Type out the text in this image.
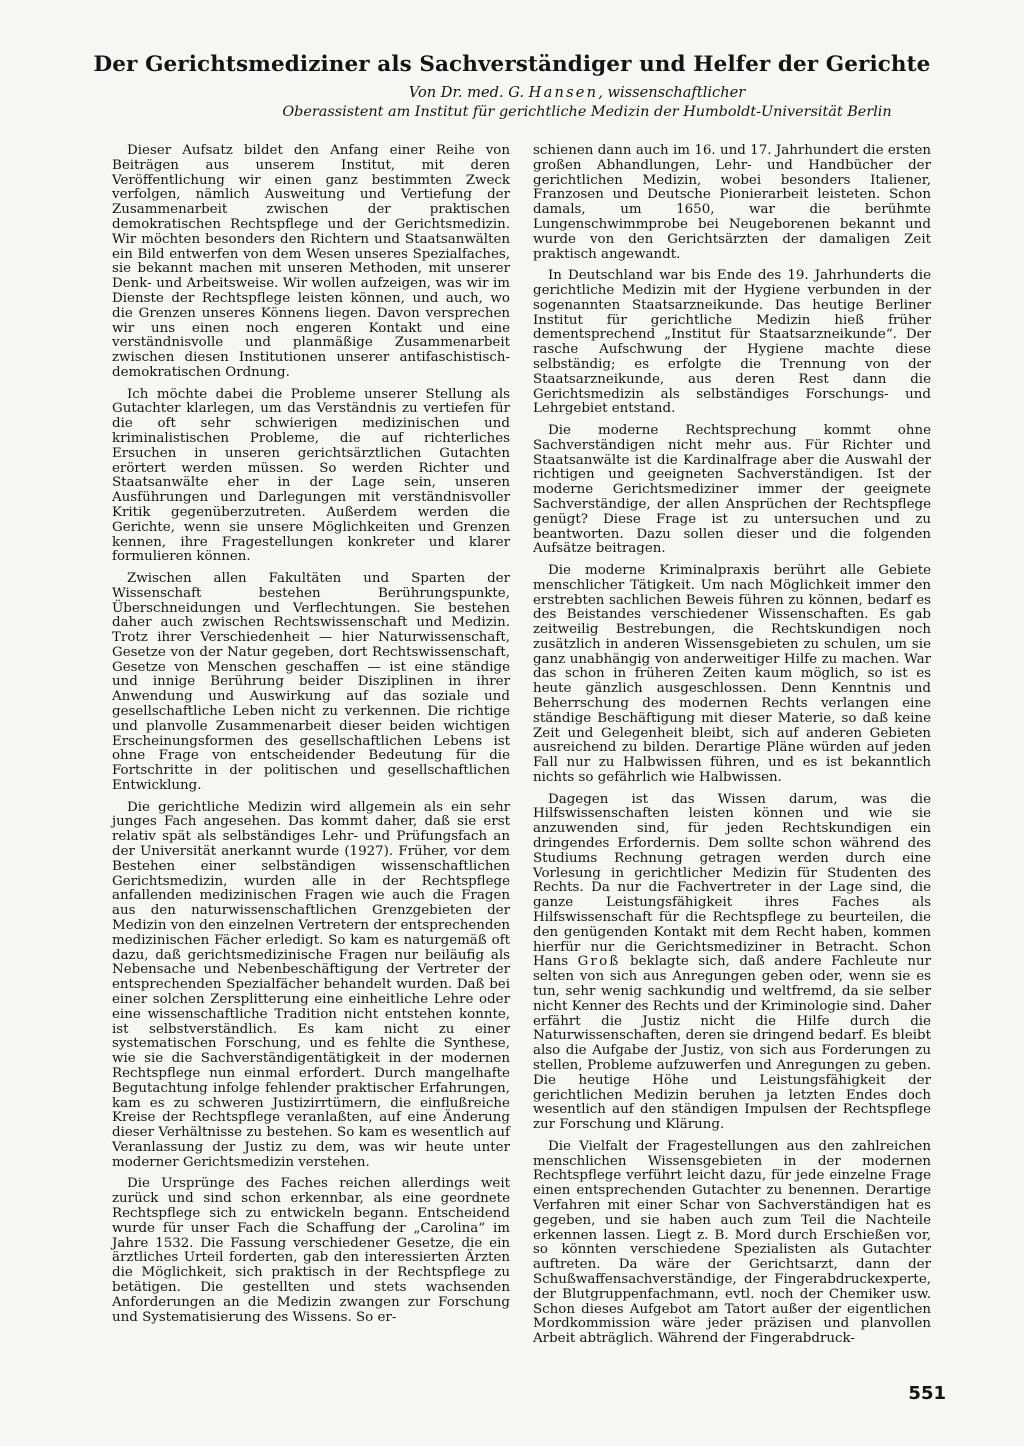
Der Gerichtsmediziner als Sachverständiger und Helfer der Gerichte
Von Dr. med. G. Hansen, wissenschaftlicher
Oberassistent am Institut für gerichtliche Medizin der Humboldt-Universität Berlin

Dieser Aufsatz bildet den Anfang einer Reihe von Beiträgen aus unserem Institut, mit deren Veröffentlichung wir einen ganz bestimmten Zweck verfolgen, nämlich Ausweitung und Vertiefung der Zusammenarbeit zwischen der praktischen demokratischen Rechtspflege und der Gerichtsmedizin. Wir möchten besonders den Richtern und Staatsanwälten ein Bild entwerfen von dem Wesen unseres Spezialfaches, sie bekannt machen mit unseren Methoden, mit unserer Denk- und Arbeitsweise. Wir wollen aufzeigen, was wir im Dienste der Rechtspflege leisten können, und auch, wo die Grenzen unseres Könnens liegen. Davon versprechen wir uns einen noch engeren Kontakt und eine verständnisvolle und planmäßige Zusammenarbeit zwischen diesen Institutionen unserer antifaschistisch-demokratischen Ordnung.

Ich möchte dabei die Probleme unserer Stellung als Gutachter klarlegen, um das Verständnis zu vertiefen für die oft sehr schwierigen medizinischen und kriminalistischen Probleme, die auf richterliches Ersuchen in unseren gerichtsärztlichen Gutachten erörtert werden müssen. So werden Richter und Staatsanwälte eher in der Lage sein, unseren Ausführungen und Darlegungen mit verständnisvoller Kritik gegenüberzutreten. Außerdem werden die Gerichte, wenn sie unsere Möglichkeiten und Grenzen kennen, ihre Fragestellungen konkreter und klarer formulieren können.

Zwischen allen Fakultäten und Sparten der Wissenschaft bestehen Berührungspunkte, Überschneidungen und Verflechtungen. Sie bestehen daher auch zwischen Rechtswissenschaft und Medizin. Trotz ihrer Verschiedenheit — hier Naturwissenschaft, Gesetze von der Natur gegeben, dort Rechtswissenschaft, Gesetze von Menschen geschaffen — ist eine ständige und innige Berührung beider Disziplinen in ihrer Anwendung und Auswirkung auf das soziale und gesellschaftliche Leben nicht zu verkennen. Die richtige und planvolle Zusammenarbeit dieser beiden wichtigen Erscheinungsformen des gesellschaftlichen Lebens ist ohne Frage von entscheidender Bedeutung für die Fortschritte in der politischen und gesellschaftlichen Entwicklung.

Die gerichtliche Medizin wird allgemein als ein sehr junges Fach angesehen. Das kommt daher, daß sie erst relativ spät als selbständiges Lehr- und Prüfungsfach an der Universität anerkannt wurde (1927). Früher, vor dem Bestehen einer selbständigen wissenschaftlichen Gerichtsmedizin, wurden alle in der Rechtspflege anfallenden medizinischen Fragen wie auch die Fragen aus den naturwissenschaftlichen Grenzgebieten der Medizin von den einzelnen Vertretern der entsprechenden medizinischen Fächer erledigt. So kam es naturgemäß oft dazu, daß gerichtsmedizinische Fragen nur beiläufig als Nebensache und Nebenbeschäftigung der Vertreter der entsprechenden Spezialfächer behandelt wurden. Daß bei einer solchen Zersplitterung eine einheitliche Lehre oder eine wissenschaftliche Tradition nicht entstehen konnte, ist selbstverständlich. Es kam nicht zu einer systematischen Forschung, und es fehlte die Synthese, wie sie die Sachverständigentätigkeit in der modernen Rechtspflege nun einmal erfordert. Durch mangelhafte Begutachtung infolge fehlender praktischer Erfahrungen, kam es zu schweren Justizirrtümern, die einflußreiche Kreise der Rechtspflege veranlaßten, auf eine Änderung dieser Verhältnisse zu bestehen. So kam es wesentlich auf Veranlassung der Justiz zu dem, was wir heute unter moderner Gerichtsmedizin verstehen.

Die Ursprünge des Faches reichen allerdings weit zurück und sind schon erkennbar, als eine geordnete Rechtspflege sich zu entwickeln begann. Entscheidend wurde für unser Fach die Schaffung der „Carolina“ im Jahre 1532. Die Fassung verschiedener Gesetze, die ein ärztliches Urteil forderten, gab den interessierten Ärzten die Möglichkeit, sich praktisch in der Rechtspflege zu betätigen. Die gestellten und stets wachsenden Anforderungen an die Medizin zwangen zur Forschung und Systematisierung des Wissens. So er-

schienen dann auch im 16. und 17. Jahrhundert die ersten großen Abhandlungen, Lehr- und Handbücher der gerichtlichen Medizin, wobei besonders Italiener, Franzosen und Deutsche Pionierarbeit leisteten. Schon damals, um 1650, war die berühmte Lungenschwimmprobe bei Neugeborenen bekannt und wurde von den Gerichtsärzten der damaligen Zeit praktisch angewandt.

In Deutschland war bis Ende des 19. Jahrhunderts die gerichtliche Medizin mit der Hygiene verbunden in der sogenannten Staatsarzneikunde. Das heutige Berliner Institut für gerichtliche Medizin hieß früher dementsprechend „Institut für Staatsarzneikunde“. Der rasche Aufschwung der Hygiene machte diese selbständig; es erfolgte die Trennung von der Staatsarzneikunde, aus deren Rest dann die Gerichtsmedizin als selbständiges Forschungs- und Lehrgebiet entstand.

Die moderne Rechtsprechung kommt ohne Sachverständigen nicht mehr aus. Für Richter und Staatsanwälte ist die Kardinalfrage aber die Auswahl der richtigen und geeigneten Sachverständigen. Ist der moderne Gerichtsmediziner immer der geeignete Sachverständige, der allen Ansprüchen der Rechtspflege genügt? Diese Frage ist zu untersuchen und zu beantworten. Dazu sollen dieser und die folgenden Aufsätze beitragen.

Die moderne Kriminalpraxis berührt alle Gebiete menschlicher Tätigkeit. Um nach Möglichkeit immer den erstrebten sachlichen Beweis führen zu können, bedarf es des Beistandes verschiedener Wissenschaften. Es gab zeitweilig Bestrebungen, die Rechtskundigen noch zusätzlich in anderen Wissensgebieten zu schulen, um sie ganz unabhängig von anderweitiger Hilfe zu machen. War das schon in früheren Zeiten kaum möglich, so ist es heute gänzlich ausgeschlossen. Denn Kenntnis und Beherrschung des modernen Rechts verlangen eine ständige Beschäftigung mit dieser Materie, so daß keine Zeit und Gelegenheit bleibt, sich auf anderen Gebieten ausreichend zu bilden. Derartige Pläne würden auf jeden Fall nur zu Halbwissen führen, und es ist bekanntlich nichts so gefährlich wie Halbwissen.

Dagegen ist das Wissen darum, was die Hilfswissenschaften leisten können und wie sie anzuwenden sind, für jeden Rechtskundigen ein dringendes Erfordernis. Dem sollte schon während des Studiums Rechnung getragen werden durch eine Vorlesung in gerichtlicher Medizin für Studenten des Rechts. Da nur die Fachvertreter in der Lage sind, die ganze Leistungsfähigkeit ihres Faches als Hilfswissenschaft für die Rechtspflege zu beurteilen, die den genügenden Kontakt mit dem Recht haben, kommen hierfür nur die Gerichtsmediziner in Betracht. Schon Hans Groß beklagte sich, daß andere Fachleute nur selten von sich aus Anregungen geben oder, wenn sie es tun, sehr wenig sachkundig und weltfremd, da sie selber nicht Kenner des Rechts und der Kriminologie sind. Daher erfährt die Justiz nicht die Hilfe durch die Naturwissenschaften, deren sie dringend bedarf. Es bleibt also die Aufgabe der Justiz, von sich aus Forderungen zu stellen, Probleme aufzuwerfen und Anregungen zu geben. Die heutige Höhe und Leistungsfähigkeit der gerichtlichen Medizin beruhen ja letzten Endes doch wesentlich auf den ständigen Impulsen der Rechtspflege zur Forschung und Klärung.

Die Vielfalt der Fragestellungen aus den zahlreichen menschlichen Wissensgebieten in der modernen Rechtspflege verführt leicht dazu, für jede einzelne Frage einen entsprechenden Gutachter zu benennen. Derartige Verfahren mit einer Schar von Sachverständigen hat es gegeben, und sie haben auch zum Teil die Nachteile erkennen lassen. Liegt z. B. Mord durch Erschießen vor, so könnten verschiedene Spezialisten als Gutachter auftreten. Da wäre der Gerichtsarzt, dann der Schußwaffensachverständige, der Fingerabdruckexperte, der Blutgruppenfachmann, evtl. noch der Chemiker usw. Schon dieses Aufgebot am Tatort außer der eigentlichen Mordkommission wäre jeder präzisen und planvollen Arbeit abträglich. Während der Fingerabdruck-

551
